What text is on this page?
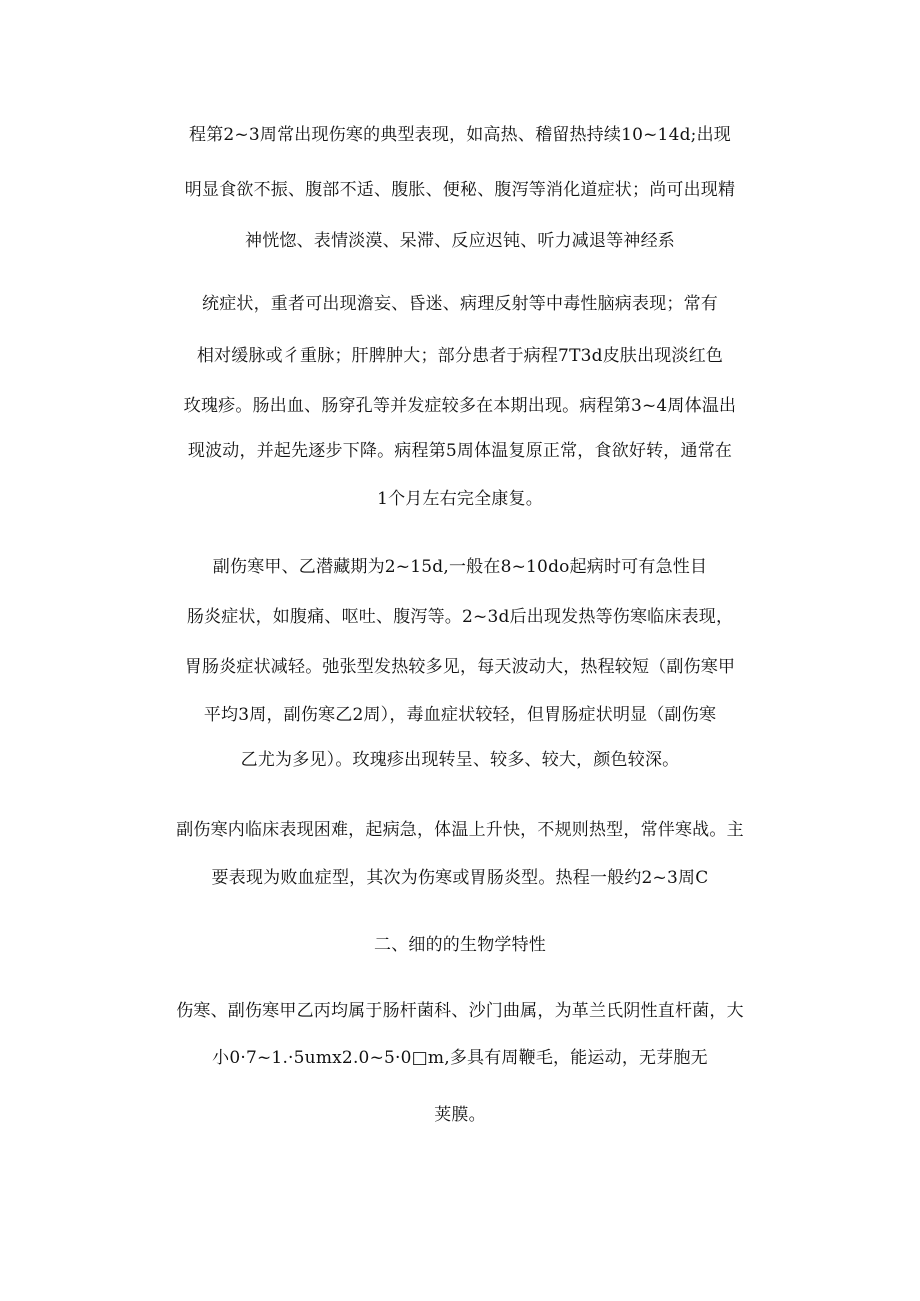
程第2~3周常出现伤寒的典型表现，如高热、稽留热持续10~14d;出现
明显食欲不振、腹部不适、腹胀、便秘、腹泻等消化道症状；尚可出现精
神恍惚、表情淡漠、呆滞、反应迟钝、听力减退等神经系
统症状，重者可出现澹妄、昏迷、病理反射等中毒性脑病表现；常有
相对缓脉或彳重脉；肝脾肿大；部分患者于病程7T3d皮肤出现淡红色
玫瑰疹。肠出血、肠穿孔等并发症较多在本期出现。病程第3~4周体温出
现波动，并起先逐步下降。病程第5周体温复原正常，食欲好转，通常在
1个月左右完全康复。
副伤寒甲、乙潜藏期为2~15d,一般在8~10do起病时可有急性目
肠炎症状，如腹痛、呕吐、腹泻等。2~3d后出现发热等伤寒临床表现，
胃肠炎症状减轻。弛张型发热较多见，每天波动大，热程较短（副伤寒甲
平均3周，副伤寒乙2周），毒血症状较轻，但胃肠症状明显（副伤寒
乙尤为多见）。玫瑰疹出现转呈、较多、较大，颜色较深。
副伤寒内临床表现困难，起病急，体温上升快，不规则热型，常伴寒战。主
要表现为败血症型，其次为伤寒或胃肠炎型。热程一般约2~3周C
二、细的的生物学特性
伤寒、副伤寒甲乙丙均属于肠杆菌科、沙门曲属，为革兰氏阴性直杆菌，大
小0·7~1.·5umx2.0~5·0□m,多具有周鞭毛，能运动，无芽胞无
荚膜。
